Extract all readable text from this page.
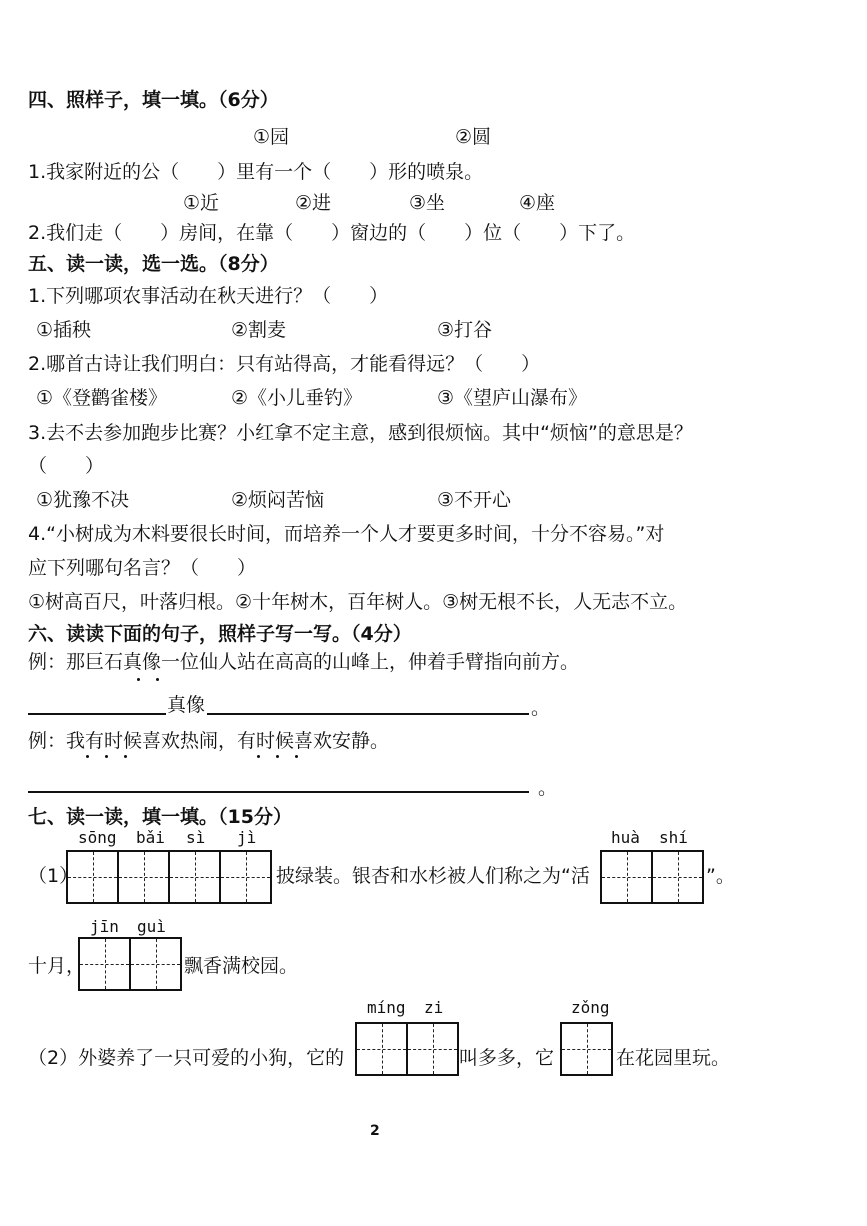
四、照样子，填一填。（6分）
①园	②圆
1.我家附近的公（　　）里有一个（　　）形的喷泉。
①近	②进	③坐	④座
2.我们走（　　）房间，在靠（　　）窗边的（　　）位（　　）下了。
五、读一读，选一选。（8分）
1.下列哪项农事活动在秋天进行？（　　）
①插秧	②割麦	③打谷
2.哪首古诗让我们明白：只有站得高，才能看得远？（　　）
①《登鹳雀楼》	②《小儿垂钓》	③《望庐山瀑布》
3.去不去参加跑步比赛？小红拿不定主意，感到很烦恼。其中“烦恼”的意思是？
（　　）
①犹豫不决	②烦闷苦恼	③不开心
4.“小树成为木料要很长时间，而培养一个人才要更多时间，十分不容易。”对
应下列哪句名言？（　　）
①树高百尺，叶落归根。②十年树木，百年树人。③树无根不长，人无志不立。
六、读读下面的句子，照样子写一写。（4分）
例：那巨石真像一位仙人站在高高的山峰上，伸着手臂指向前方。
真像	。
例：我有时候喜欢热闹，有时候喜欢安静。
。
七、读一读，填一填。（15分）
sōng bǎi sì jì
（1）	披绿装。银杏和水杉被人们称之为“活
huà shí
”。
jīn guì
十月，	飘香满校园。
míng zi	zǒng
（2）外婆养了一只可爱的小狗，它的	叫多多，它	在花园里玩。
2
